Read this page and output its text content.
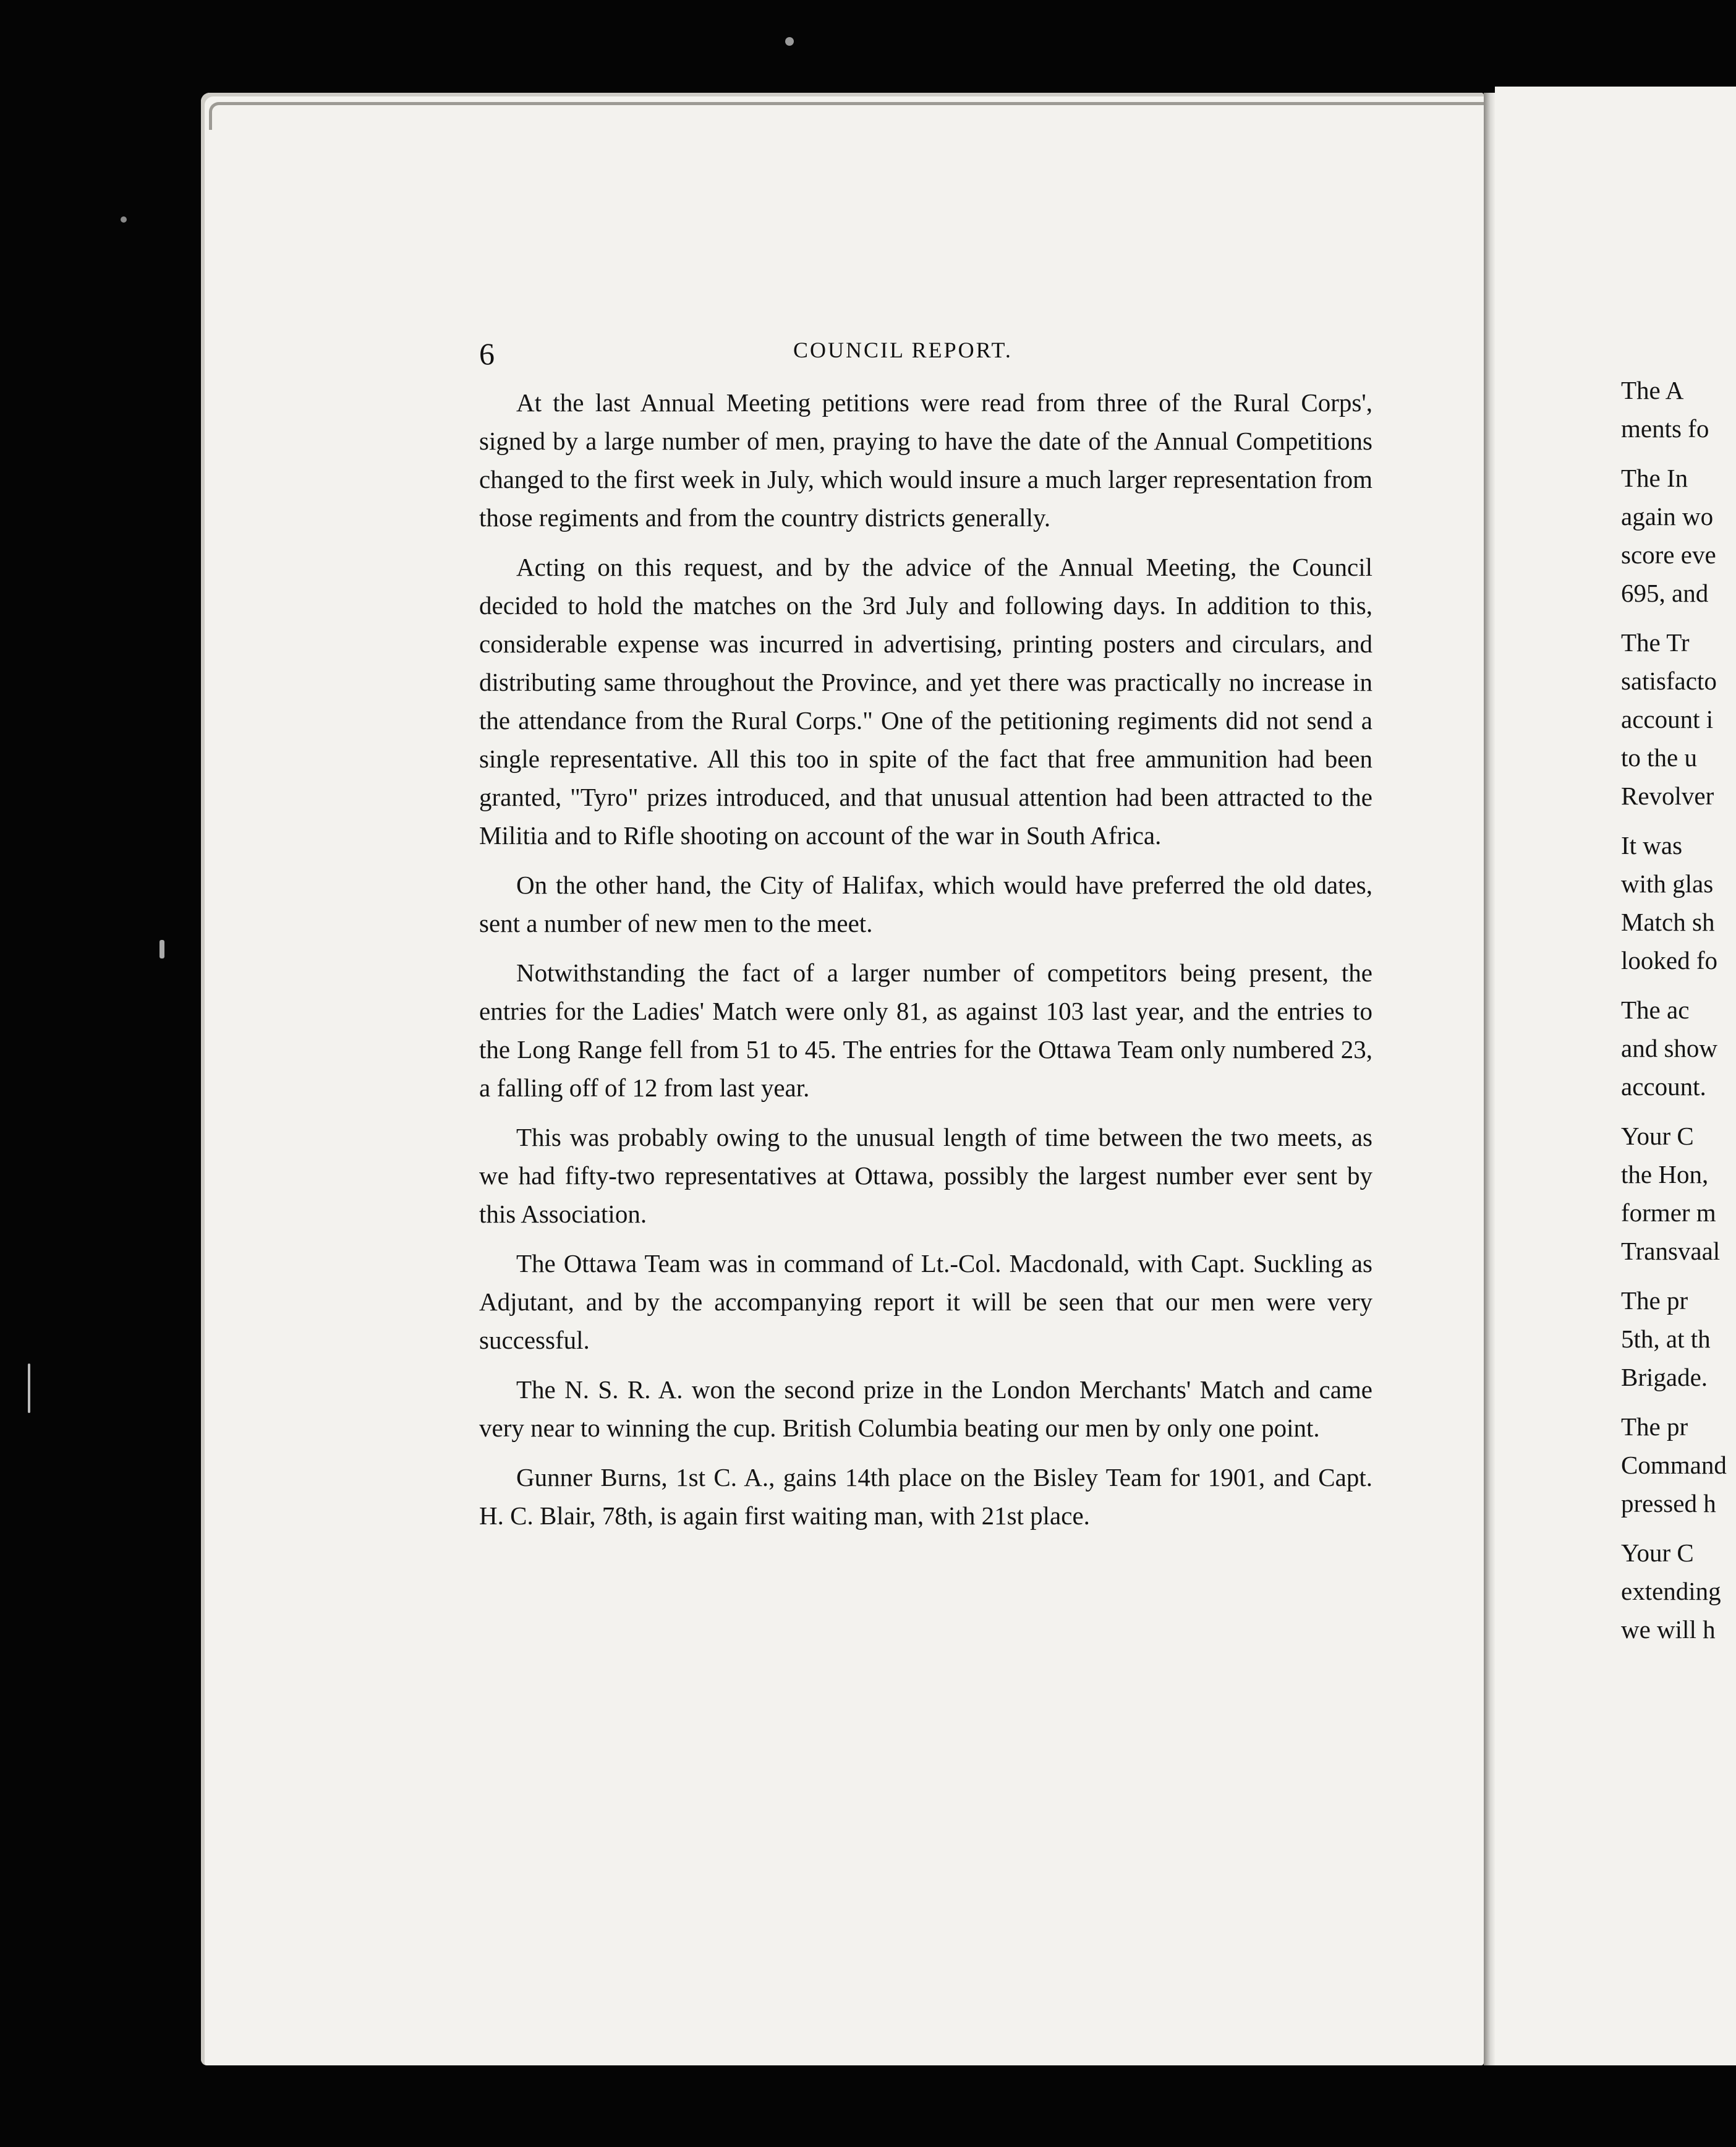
6	COUNCIL REPORT.

At the last Annual Meeting petitions were read from three of the Rural Corps', signed by a large number of men, praying to have the date of the Annual Competitions changed to the first week in July, which would insure a much larger representation from those regiments and from the country districts generally.

Acting on this request, and by the advice of the Annual Meeting, the Council decided to hold the matches on the 3rd July and following days. In addition to this, considerable expense was incurred in advertising, printing posters and circulars, and distributing same throughout the Province, and yet there was practically no increase in the attendance from the Rural Corps." One of the petitioning regiments did not send a single representative. All this too in spite of the fact that free ammunition had been granted, "Tyro" prizes introduced, and that unusual attention had been attracted to the Militia and to Rifle shooting on account of the war in South Africa.

On the other hand, the City of Halifax, which would have preferred the old dates, sent a number of new men to the meet.

Notwithstanding the fact of a larger number of competitors being present, the entries for the Ladies' Match were only 81, as against 103 last year, and the entries to the Long Range fell from 51 to 45. The entries for the Ottawa Team only numbered 23, a falling off of 12 from last year.

This was probably owing to the unusual length of time between the two meets, as we had fifty-two representatives at Ottawa, possibly the largest number ever sent by this Association.

The Ottawa Team was in command of Lt.-Col. Macdonald, with Capt. Suckling as Adjutant, and by the accompanying report it will be seen that our men were very successful.

The N. S. R. A. won the second prize in the London Merchants' Match and came very near to winning the cup. British Columbia beating our men by only one point.

Gunner Burns, 1st C. A., gains 14th place on the Bisley Team for 1901, and Capt. H. C. Blair, 78th, is again first waiting man, with 21st place.

The A
ments fo
The In
again wo
score eve
695, and
The Tr
satisfacto
account i
to the u
Revolver
It was
with glas
Match sh
looked fo
The ac
and show
account.
Your C
the Hon,
former m
Transvaal
The pr
5th, at th
Brigade.
The pr
Command
pressed h
Your C
extending
we will h
